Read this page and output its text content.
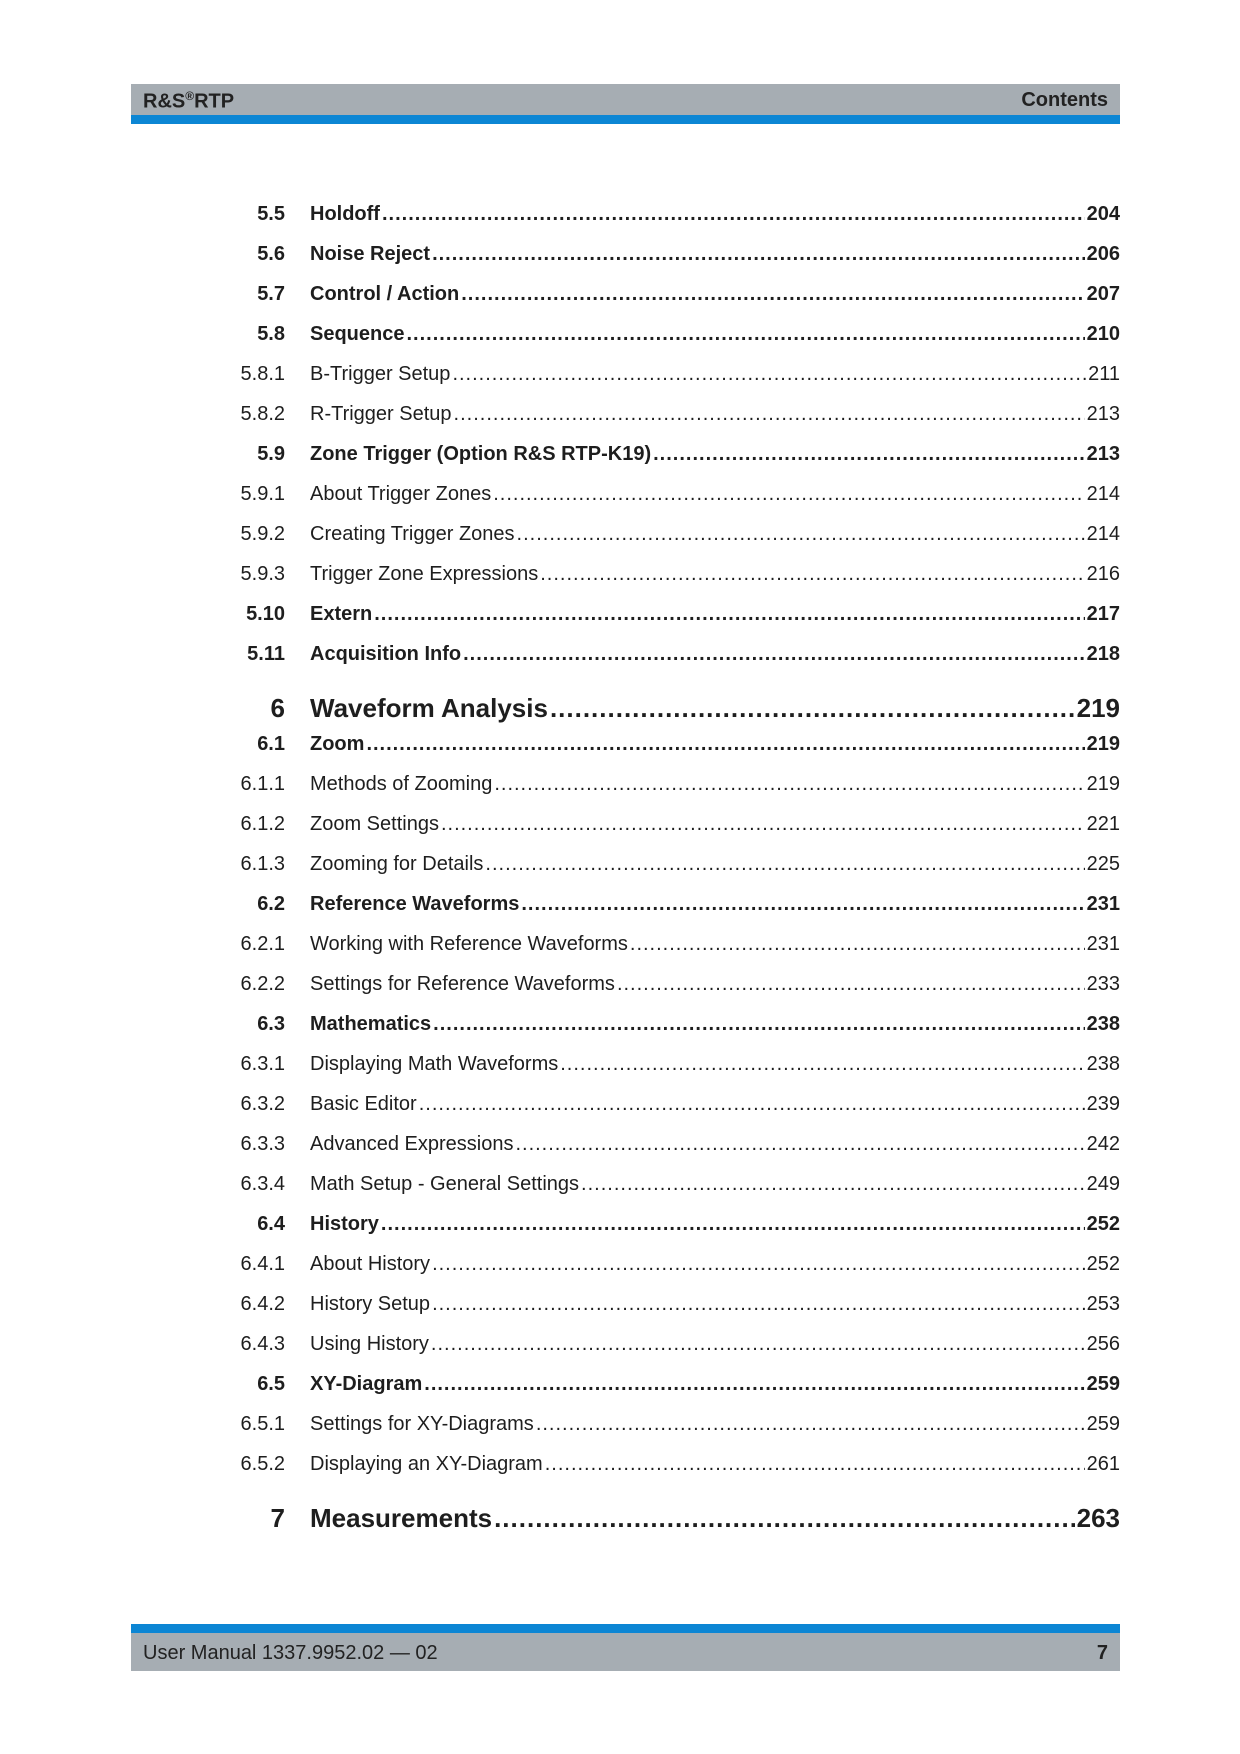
R&S®RTP	Contents
5.5	Holdoff .....	204
5.6	Noise Reject .....	206
5.7	Control / Action .....	207
5.8	Sequence .....	210
5.8.1	B-Trigger Setup .....	211
5.8.2	R-Trigger Setup .....	213
5.9	Zone Trigger (Option R&S RTP-K19) .....	213
5.9.1	About Trigger Zones .....	214
5.9.2	Creating Trigger Zones .....	214
5.9.3	Trigger Zone Expressions .....	216
5.10	Extern .....	217
5.11	Acquisition Info .....	218
6 Waveform Analysis .....	219
6.1	Zoom .....	219
6.1.1	Methods of Zooming .....	219
6.1.2	Zoom Settings .....	221
6.1.3	Zooming for Details .....	225
6.2	Reference Waveforms .....	231
6.2.1	Working with Reference Waveforms .....	231
6.2.2	Settings for Reference Waveforms .....	233
6.3	Mathematics .....	238
6.3.1	Displaying Math Waveforms .....	238
6.3.2	Basic Editor .....	239
6.3.3	Advanced Expressions .....	242
6.3.4	Math Setup - General Settings .....	249
6.4	History .....	252
6.4.1	About History .....	252
6.4.2	History Setup .....	253
6.4.3	Using History .....	256
6.5	XY-Diagram .....	259
6.5.1	Settings for XY-Diagrams .....	259
6.5.2	Displaying an XY-Diagram .....	261
7 Measurements .....	263
User Manual 1337.9952.02 ― 02	7
